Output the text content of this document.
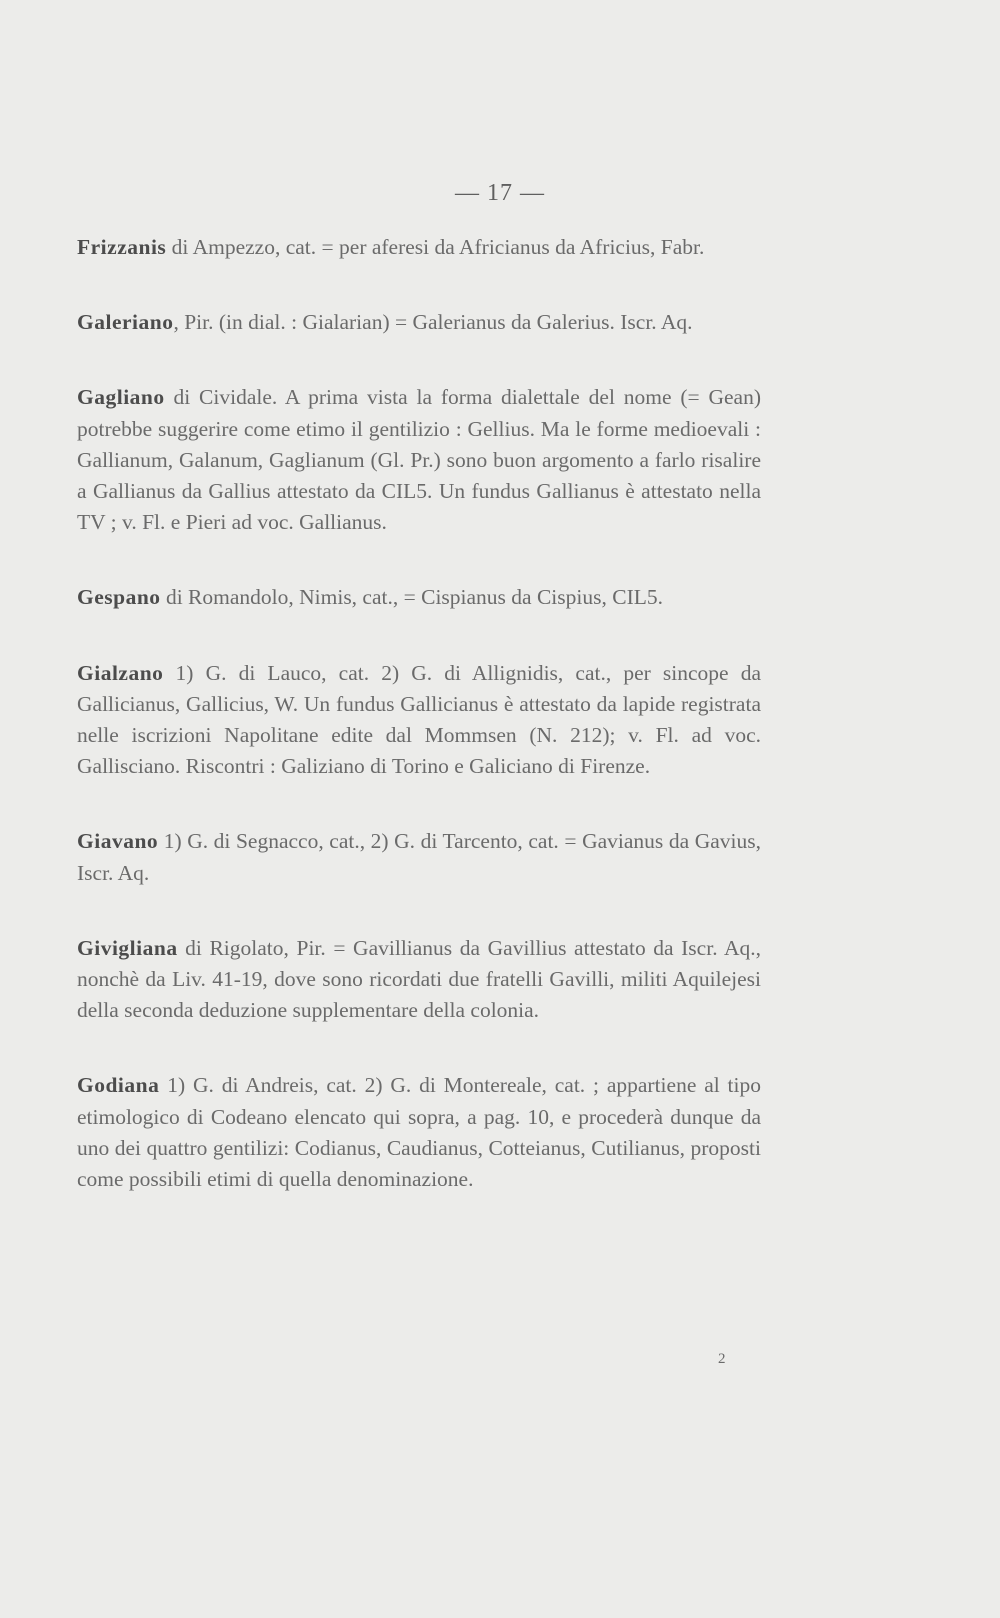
— 17 —

Frizzanis di Ampezzo, cat. = per aferesi da Africianus da Africius, Fabr.

Galeriano, Pir. (in dial. : Gialarian) = Galerianus da Galerius. Iscr. Aq.

Gagliano di Cividale. A prima vista la forma dialettale del nome (= Gean) potrebbe suggerire come etimo il gentilizio : Gellius. Ma le forme medioevali : Gallianum, Galanum, Gaglianum (Gl. Pr.) sono buon argomento a farlo risalire a Gallianus da Gallius attestato da CIL5. Un fundus Gallianus è attestato nella TV ; v. Fl. e Pieri ad voc. Gallianus.

Gespano di Romandolo, Nimis, cat., = Cispianus da Cispius, CIL5.

Gialzano 1) G. di Lauco, cat. 2) G. di Allignidis, cat., per sincope da Gallicianus, Gallicius, W. Un fundus Gallicianus è attestato da lapide registrata nelle iscrizioni Napolitane edite dal Mommsen (N. 212); v. Fl. ad voc. Gallisciano. Riscontri : Galiziano di Torino e Galiciano di Firenze.

Giavano 1) G. di Segnacco, cat., 2) G. di Tarcento, cat. = Gavianus da Gavius, Iscr. Aq.

Givigliana di Rigolato, Pir. = Gavillianus da Gavillius attestato da Iscr. Aq., nonchè da Liv. 41-19, dove sono ricordati due fratelli Gavilli, militi Aquilejesi della seconda deduzione supplementare della colonia.

Godiana 1) G. di Andreis, cat. 2) G. di Montereale, cat. ; appartiene al tipo etimologico di Codeano elencato qui sopra, a pag. 10, e procederà dunque da uno dei quattro gentilizi: Codianus, Caudianus, Cotteianus, Cutilianus, proposti come possibili etimi di quella denominazione.

2
